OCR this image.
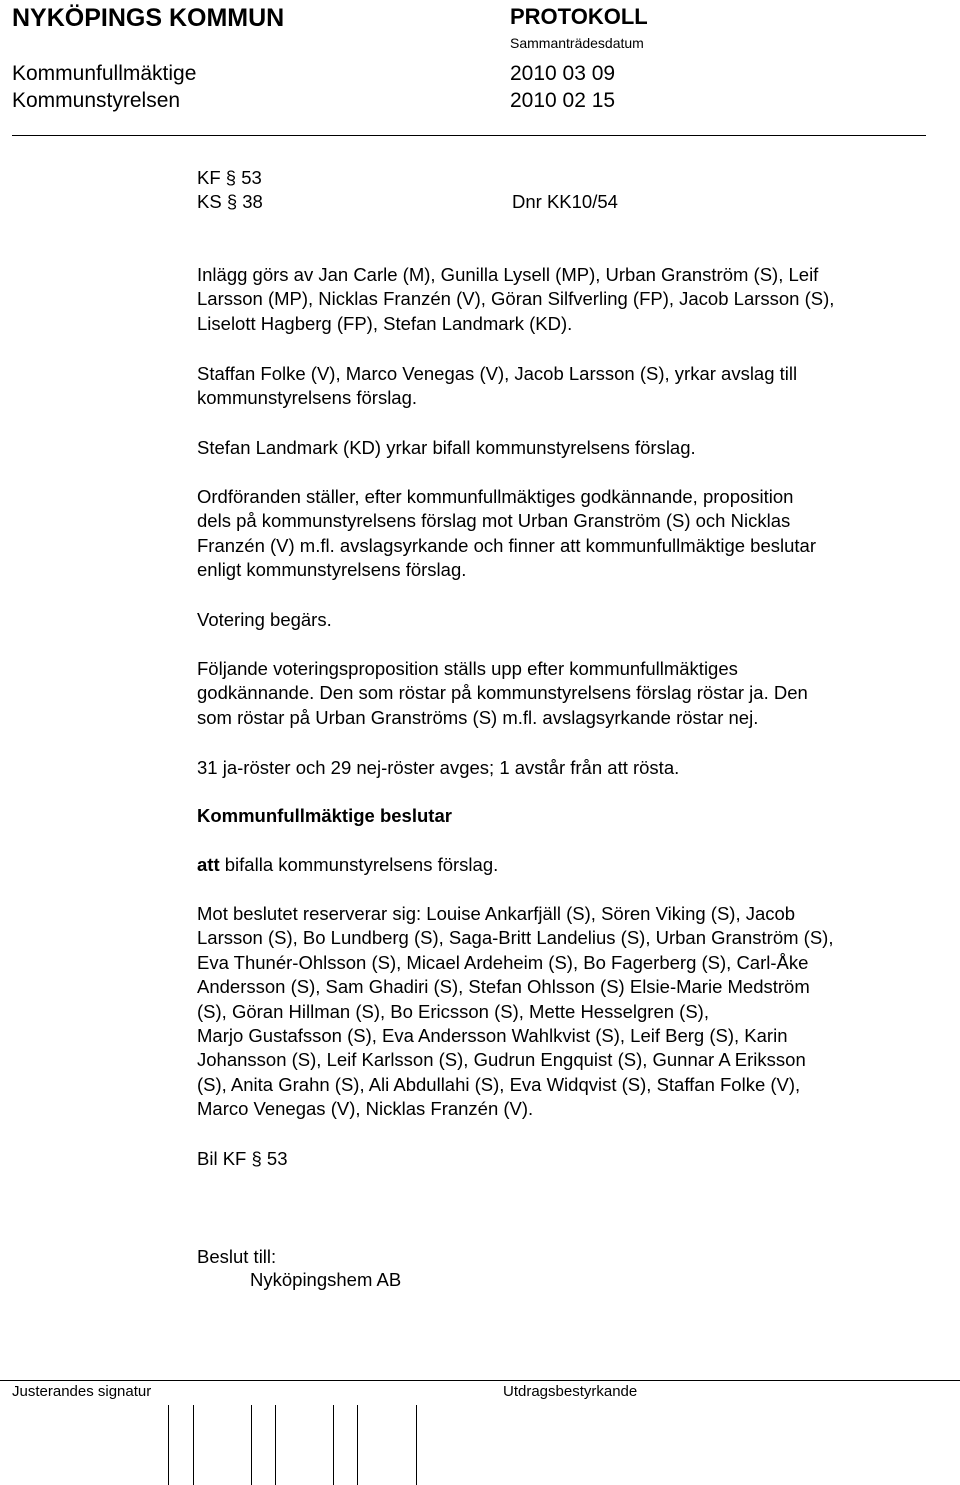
NYKÖPINGS KOMMUN	PROTOKOLL
Sammanträdesdatum
Kommunfullmäktige	2010 03 09
Kommunstyrelsen	2010 02 15
KF § 53
KS § 38	Dnr KK10/54
Inlägg görs av Jan Carle (M), Gunilla Lysell (MP), Urban Granström (S), Leif
Larsson (MP), Nicklas Franzén (V), Göran Silfverling (FP), Jacob Larsson (S),
Liselott Hagberg (FP), Stefan Landmark (KD).
Staffan Folke (V), Marco Venegas (V), Jacob Larsson (S), yrkar avslag till
kommunstyrelsens förslag.
Stefan Landmark (KD) yrkar bifall kommunstyrelsens förslag.
Ordföranden ställer, efter kommunfullmäktiges godkännande, proposition
dels på kommunstyrelsens förslag mot Urban Granström (S) och Nicklas
Franzén (V) m.fl. avslagsyrkande och finner att kommunfullmäktige beslutar
enligt kommunstyrelsens förslag.
Votering begärs.
Följande voteringsproposition ställs upp efter kommunfullmäktiges
godkännande. Den som röstar på kommunstyrelsens förslag röstar ja. Den
som röstar på Urban Granströms (S) m.fl. avslagsyrkande röstar nej.
31 ja-röster och 29 nej-röster avges; 1 avstår från att rösta.
Kommunfullmäktige beslutar
att bifalla kommunstyrelsens förslag.
Mot beslutet reserverar sig: Louise Ankarfjäll (S), Sören Viking (S), Jacob
Larsson (S), Bo Lundberg (S), Saga-Britt Landelius (S), Urban Granström (S),
Eva Thunér-Ohlsson (S), Micael Ardeheim (S), Bo Fagerberg (S), Carl-Åke
Andersson (S), Sam Ghadiri (S), Stefan Ohlsson (S) Elsie-Marie Medström
(S), Göran Hillman (S), Bo Ericsson (S), Mette Hesselgren (S),
Marjo Gustafsson (S), Eva Andersson Wahlkvist (S), Leif Berg (S), Karin
Johansson (S), Leif Karlsson (S), Gudrun Engquist (S), Gunnar A Eriksson
(S), Anita Grahn (S), Ali Abdullahi (S), Eva Widqvist (S), Staffan Folke (V),
Marco Venegas (V), Nicklas Franzén (V).
Bil KF § 53
Beslut till:
Nyköpingshem AB
Justerandes signatur	Utdragsbestyrkande
